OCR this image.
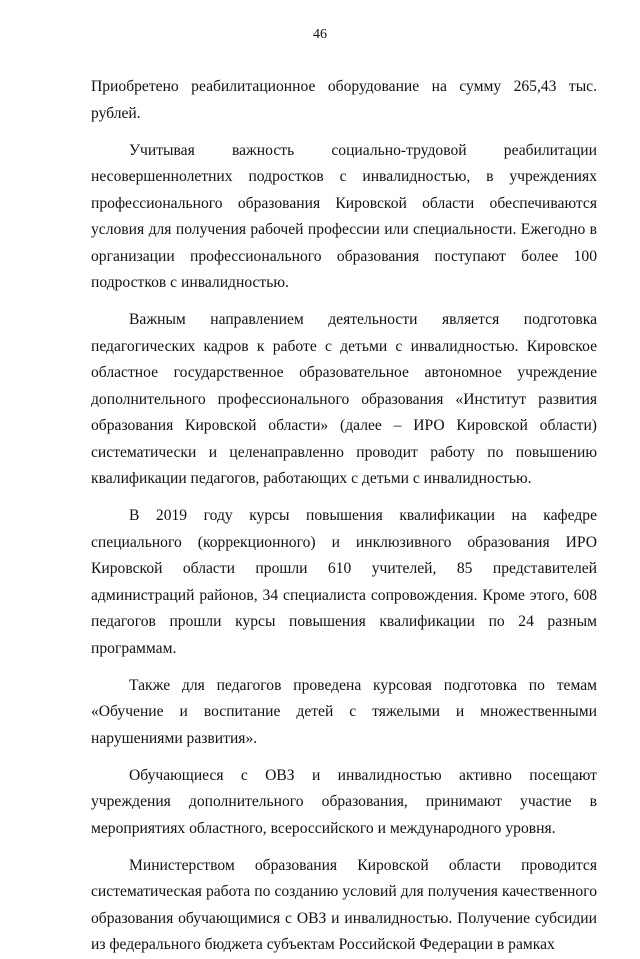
46

Приобретено реабилитационное оборудование на сумму 265,43 тыс. рублей.

Учитывая важность социально-трудовой реабилитации несовершеннолетних подростков с инвалидностью, в учреждениях профессионального образования Кировской области обеспечиваются условия для получения рабочей профессии или специальности. Ежегодно в организации профессионального образования поступают более 100 подростков с инвалидностью.

Важным направлением деятельности является подготовка педагогических кадров к работе с детьми с инвалидностью. Кировское областное государственное образовательное автономное учреждение дополнительного профессионального образования «Институт развития образования Кировской области» (далее – ИРО Кировской области) систематически и целенаправленно проводит работу по повышению квалификации педагогов, работающих с детьми с инвалидностью.

В 2019 году курсы повышения квалификации на кафедре специального (коррекционного) и инклюзивного образования ИРО Кировской области прошли 610 учителей, 85 представителей администраций районов, 34 специалиста сопровождения. Кроме этого, 608 педагогов прошли курсы повышения квалификации по 24 разным программам.

Также для педагогов проведена курсовая подготовка по темам «Обучение и воспитание детей с тяжелыми и множественными нарушениями развития».

Обучающиеся с ОВЗ и инвалидностью активно посещают учреждения дополнительного образования, принимают участие в мероприятиях областного, всероссийского и международного уровня.

Министерством образования Кировской области проводится систематическая работа по созданию условий для получения качественного образования обучающимися с ОВЗ и инвалидностью. Получение субсидии из федерального бюджета субъектам Российской Федерации в рамках
